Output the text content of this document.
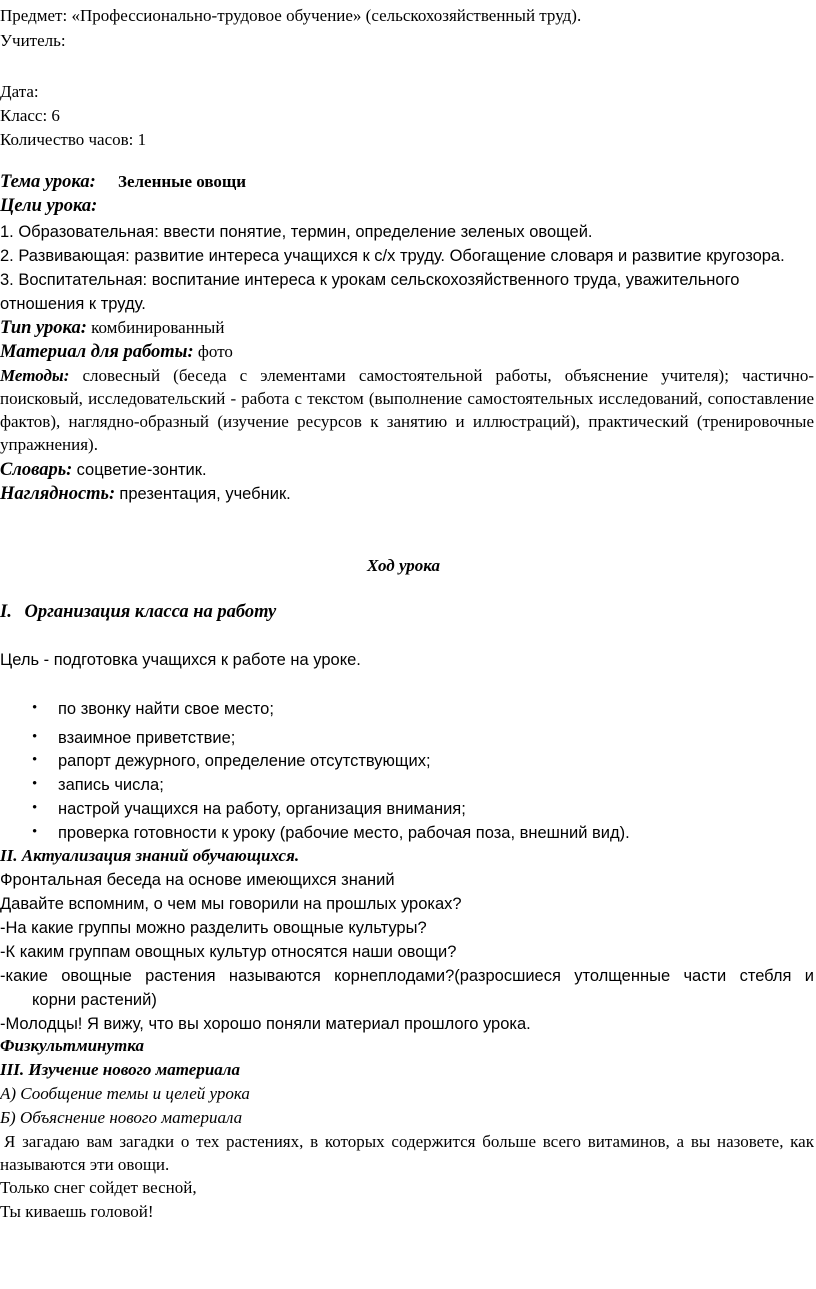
Предмет: «Профессионально-трудовое обучение» (сельскохозяйственный труд).
Учитель:
Дата:
Класс: 6
Количество часов: 1
Тема урока: Зеленные овощи
Цели урока:
1. Образовательная: ввести понятие, термин, определение зеленых овощей.
2. Развивающая: развитие интереса учащихся к с/х труду. Обогащение словаря и развитие кругозора.
3. Воспитательная: воспитание интереса к урокам сельскохозяйственного труда, уважительного
отношения к труду.
Тип урока: комбинированный
Материал для работы: фото
Методы: словесный (беседа с элементами самостоятельной работы, объяснение учителя); частично-поисковый, исследовательский - работа с текстом (выполнение самостоятельных исследований, сопоставление фактов), наглядно-образный (изучение ресурсов к занятию и иллюстраций), практический (тренировочные упражнения).
Словарь: соцветие-зонтик.
Наглядность: презентация, учебник.
Ход урока
I. Организация класса на работу
Цель - подготовка учащихся к работе на уроке.
• по звонку найти свое место;
• взаимное приветствие;
• рапорт дежурного, определение отсутствующих;
• запись числа;
• настрой учащихся на работу, организация внимания;
• проверка готовности к уроку (рабочие место, рабочая поза, внешний вид).
II. Актуализация знаний обучающихся.
Фронтальная беседа на основе имеющихся знаний
Давайте вспомним, о чем мы говорили на прошлых уроках?
-На какие группы можно разделить овощные культуры?
-К каким группам овощных культур относятся наши овощи?
-какие овощные растения называются корнеплодами?(разросшиеся утолщенные части стебля и
корни растений)
-Молодцы! Я вижу, что вы хорошо поняли материал прошлого урока.
Физкультминутка
III. Изучение нового материала
А) Сообщение темы и целей урока
Б) Объяснение нового материала
Я загадаю вам загадки о тех растениях, в которых содержится больше всего витаминов, а вы назовете, как называются эти овощи.
Только снег сойдет весной,
Ты киваешь головой!
